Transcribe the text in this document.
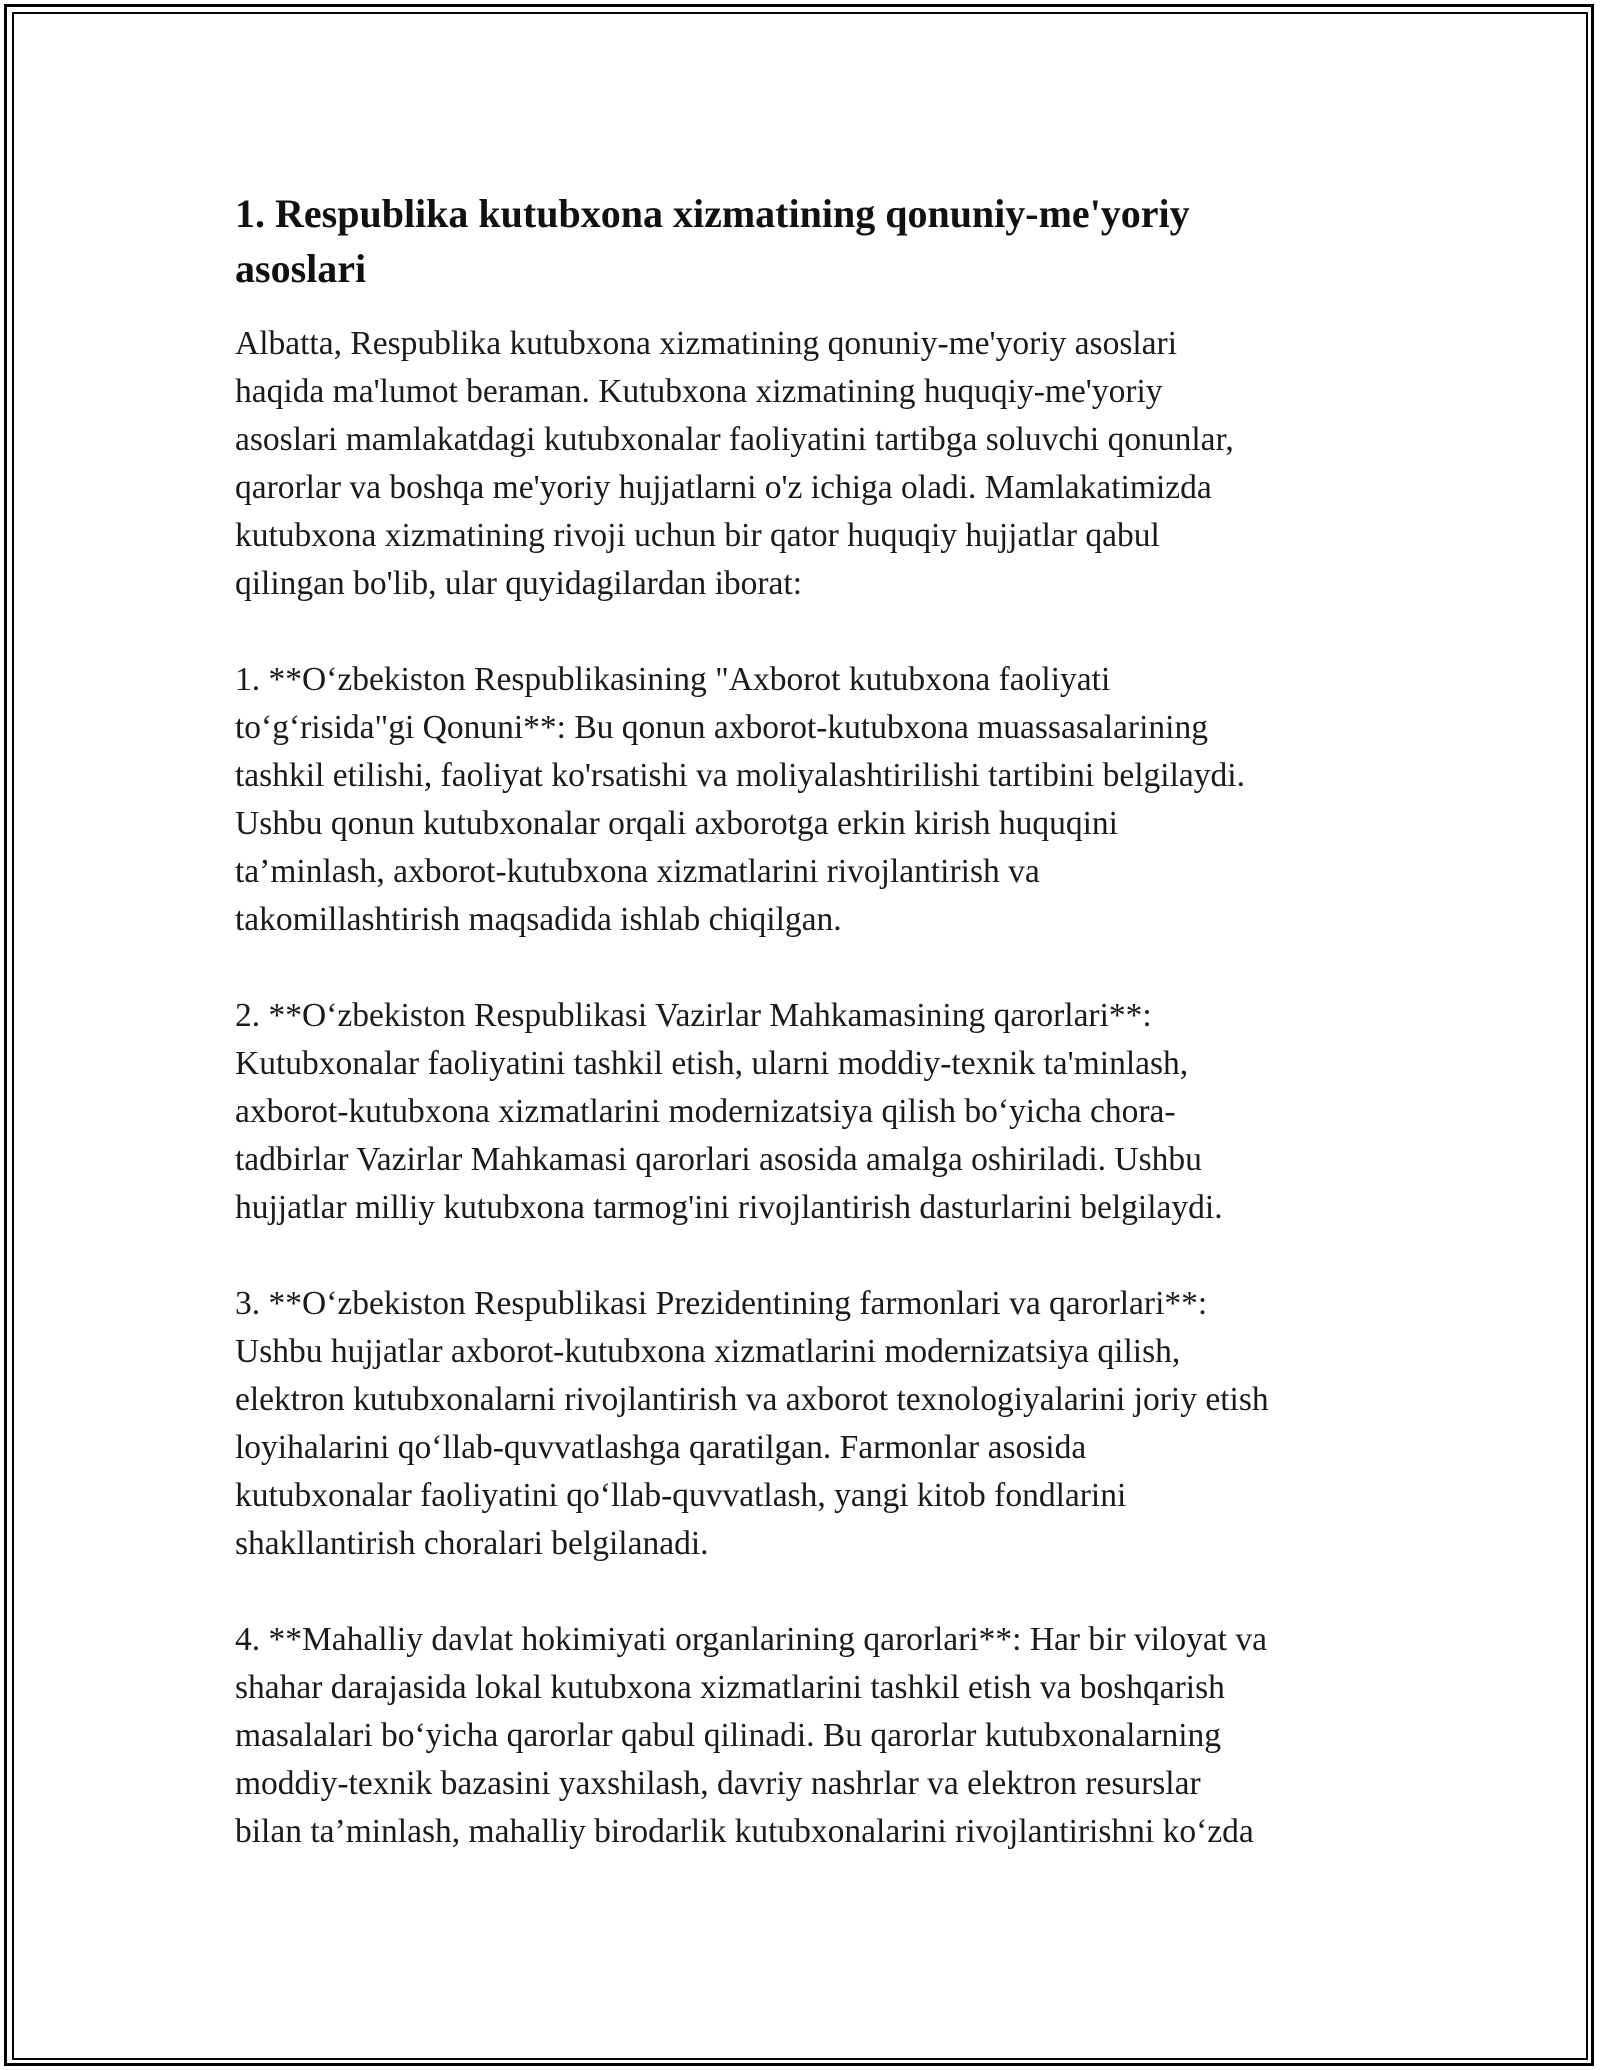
1. Respublika kutubxona xizmatining qonuniy-me'yoriy
asoslari
Albatta, Respublika kutubxona xizmatining qonuniy-me'yoriy asoslari
haqida ma'lumot beraman. Kutubxona xizmatining huquqiy-me'yoriy
asoslari mamlakatdagi kutubxonalar faoliyatini tartibga soluvchi qonunlar,
qarorlar va boshqa me'yoriy hujjatlarni o'z ichiga oladi. Mamlakatimizda
kutubxona xizmatining rivoji uchun bir qator huquqiy hujjatlar qabul
qilingan bo'lib, ular quyidagilardan iborat:
1. **O‘zbekiston Respublikasining "Axborot kutubxona faoliyati
to‘g‘risida"gi Qonuni**: Bu qonun axborot-kutubxona muassasalarining
tashkil etilishi, faoliyat ko'rsatishi va moliyalashtirilishi tartibini belgilaydi.
Ushbu qonun kutubxonalar orqali axborotga erkin kirish huquqini
ta’minlash, axborot-kutubxona xizmatlarini rivojlantirish va
takomillashtirish maqsadida ishlab chiqilgan.
2. **O‘zbekiston Respublikasi Vazirlar Mahkamasining qarorlari**:
Kutubxonalar faoliyatini tashkil etish, ularni moddiy-texnik ta'minlash,
axborot-kutubxona xizmatlarini modernizatsiya qilish bo‘yicha chora-
tadbirlar Vazirlar Mahkamasi qarorlari asosida amalga oshiriladi. Ushbu
hujjatlar milliy kutubxona tarmog'ini rivojlantirish dasturlarini belgilaydi.
3. **O‘zbekiston Respublikasi Prezidentining farmonlari va qarorlari**:
Ushbu hujjatlar axborot-kutubxona xizmatlarini modernizatsiya qilish,
elektron kutubxonalarni rivojlantirish va axborot texnologiyalarini joriy etish
loyihalarini qo‘llab-quvvatlashga qaratilgan. Farmonlar asosida
kutubxonalar faoliyatini qo‘llab-quvvatlash, yangi kitob fondlarini
shakllantirish choralari belgilanadi.
4. **Mahalliy davlat hokimiyati organlarining qarorlari**: Har bir viloyat va
shahar darajasida lokal kutubxona xizmatlarini tashkil etish va boshqarish
masalalari bo‘yicha qarorlar qabul qilinadi. Bu qarorlar kutubxonalarning
moddiy-texnik bazasini yaxshilash, davriy nashrlar va elektron resurslar
bilan ta’minlash, mahalliy birodarlik kutubxonalarini rivojlantirishni ko‘zda
